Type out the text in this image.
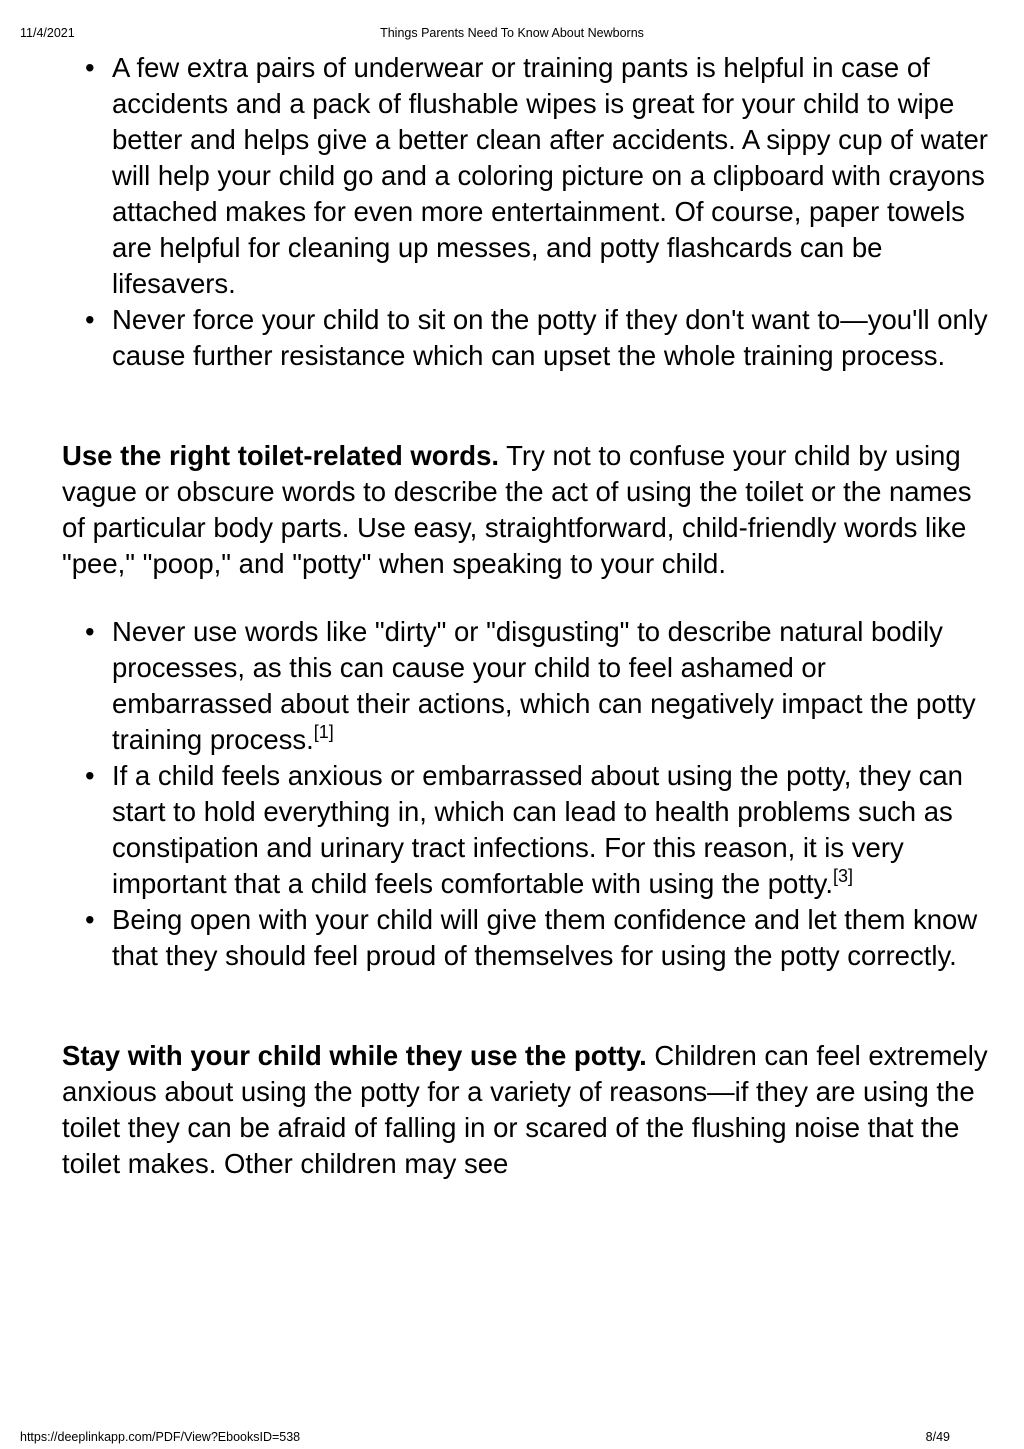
11/4/2021	Things Parents Need To Know About Newborns
• A few extra pairs of underwear or training pants is helpful in case of accidents and a pack of flushable wipes is great for your child to wipe better and helps give a better clean after accidents. A sippy cup of water will help your child go and a coloring picture on a clipboard with crayons attached makes for even more entertainment. Of course, paper towels are helpful for cleaning up messes, and potty flashcards can be lifesavers.
• Never force your child to sit on the potty if they don't want to—you'll only cause further resistance which can upset the whole training process.

Use the right toilet-related words. Try not to confuse your child by using vague or obscure words to describe the act of using the toilet or the names of particular body parts. Use easy, straightforward, child-friendly words like "pee," "poop," and "potty" when speaking to your child.

• Never use words like "dirty" or "disgusting" to describe natural bodily processes, as this can cause your child to feel ashamed or embarrassed about their actions, which can negatively impact the potty training process.[1]
• If a child feels anxious or embarrassed about using the potty, they can start to hold everything in, which can lead to health problems such as constipation and urinary tract infections. For this reason, it is very important that a child feels comfortable with using the potty.[3]
• Being open with your child will give them confidence and let them know that they should feel proud of themselves for using the potty correctly.

Stay with your child while they use the potty. Children can feel extremely anxious about using the potty for a variety of reasons—if they are using the toilet they can be afraid of falling in or scared of the flushing noise that the toilet makes. Other children may see

https://deeplinkapp.com/PDF/View?EbooksID=538	8/49
